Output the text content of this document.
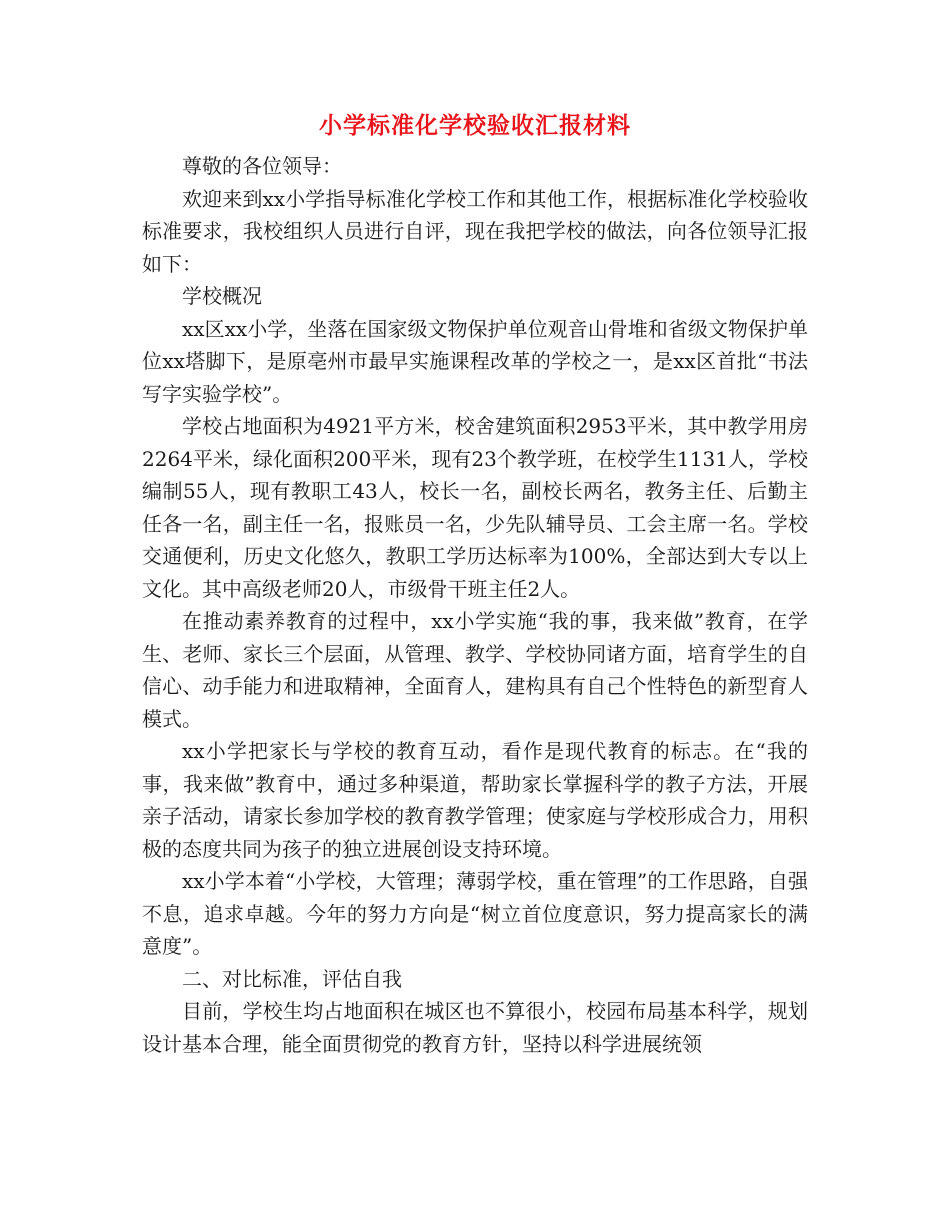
小学标准化学校验收汇报材料

尊敬的各位领导：

欢迎来到xx小学指导标准化学校工作和其他工作，根据标准化学校验收标准要求，我校组织人员进行自评，现在我把学校的做法，向各位领导汇报如下：

学校概况

xx区xx小学，坐落在国家级文物保护单位观音山骨堆和省级文物保护单位xx塔脚下，是原亳州市最早实施课程改革的学校之一，是xx区首批“书法写字实验学校”。

学校占地面积为4921平方米，校舍建筑面积2953平米，其中教学用房2264平米，绿化面积200平米，现有23个教学班，在校学生1131人，学校编制55人，现有教职工43人，校长一名，副校长两名，教务主任、后勤主任各一名，副主任一名，报账员一名，少先队辅导员、工会主席一名。学校交通便利，历史文化悠久，教职工学历达标率为100%，全部达到大专以上文化。其中高级老师20人，市级骨干班主任2人。

在推动素养教育的过程中，xx小学实施“我的事，我来做”教育，在学生、老师、家长三个层面，从管理、教学、学校协同诸方面，培育学生的自信心、动手能力和进取精神，全面育人，建构具有自己个性特色的新型育人模式。

xx小学把家长与学校的教育互动，看作是现代教育的标志。在“我的事，我来做”教育中，通过多种渠道，帮助家长掌握科学的教子方法，开展亲子活动，请家长参加学校的教育教学管理；使家庭与学校形成合力，用积极的态度共同为孩子的独立进展创设支持环境。

xx小学本着“小学校，大管理；薄弱学校，重在管理”的工作思路，自强不息，追求卓越。今年的努力方向是“树立首位度意识，努力提高家长的满意度”。

二、对比标准，评估自我

目前，学校生均占地面积在城区也不算很小，校园布局基本科学，规划设计基本合理，能全面贯彻党的教育方针，坚持以科学进展统领
